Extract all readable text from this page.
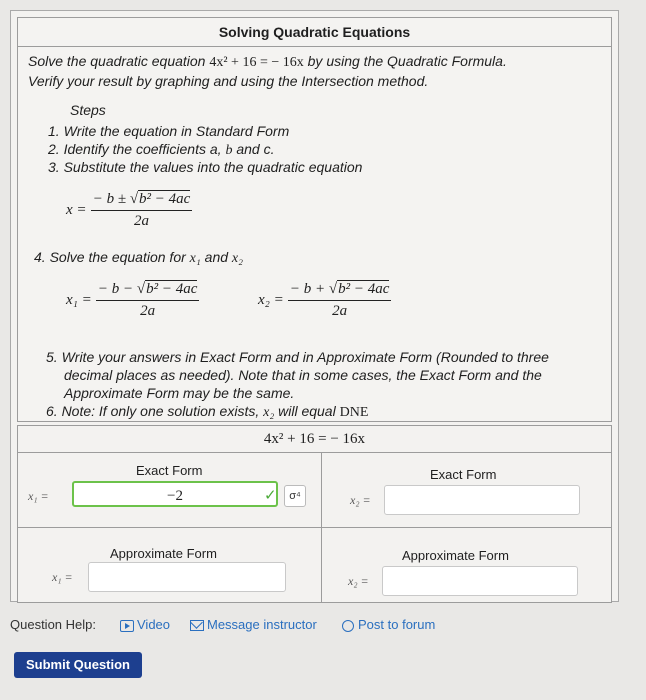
Solving Quadratic Equations
Solve the quadratic equation 4x² + 16 = − 16x by using the Quadratic Formula.
Verify your result by graphing and using the Intersection method.
Steps
1. Write the equation in Standard Form
2. Identify the coefficients a, b and c.
3. Substitute the values into the quadratic equation
$x = \frac{\text{− b ± √b² − 4ac}}{2a}$
4. Solve the equation for x₁ and x₂
$x_1 = \frac{\text{− b − √b² − 4ac}}{2a}$	$x_2 = \frac{\text{− b + √b² − 4ac}}{2a}$
5. Write your answers in Exact Form and in Approximate Form (Rounded to three
decimal places as needed). Note that in some cases, the Exact Form and the
Approximate Form may be the same.
6. Note: If only one solution exists, x₂ will equal DNE
4x² + 16 = − 16x
Exact Form
x₁ =	−2	✓	σ⁴
Exact Form
x₂ =
Approximate Form
x₁ =
Approximate Form
x₂ =
Question Help:	Video	Message instructor	Post to forum
Submit Question
